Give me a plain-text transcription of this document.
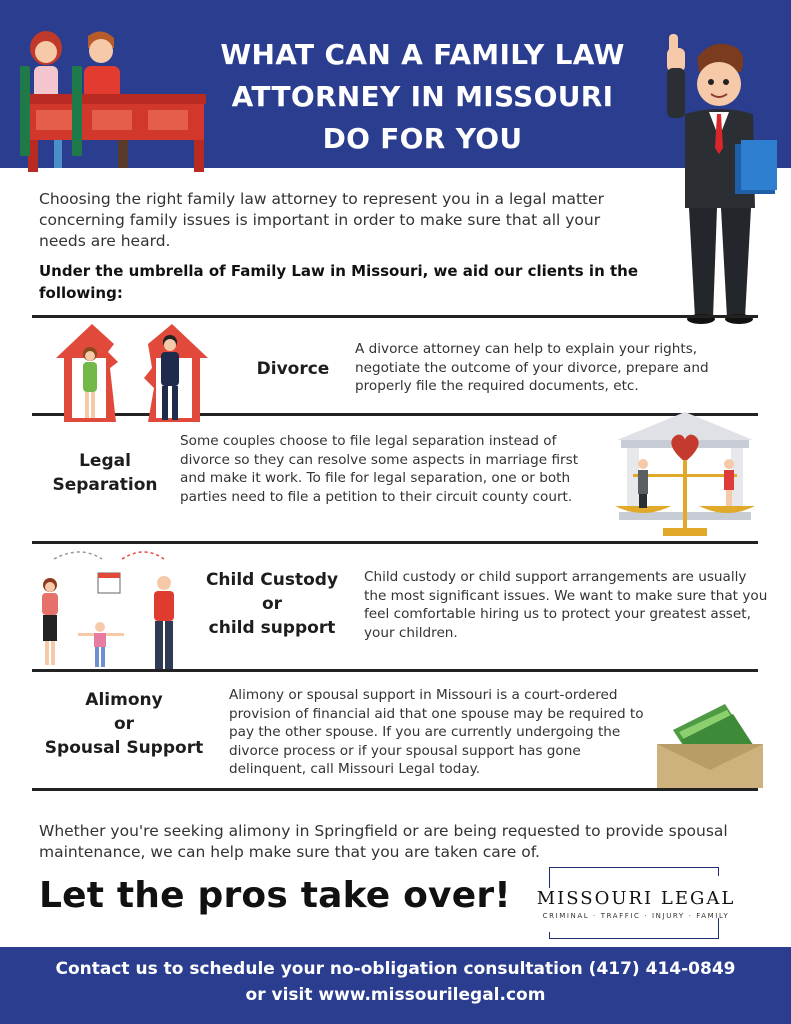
WHAT CAN A FAMILY LAW
ATTORNEY IN MISSOURI
DO FOR YOU

Choosing the right family law attorney to represent you in a legal matter concerning family issues is important in order to make sure that all your needs are heard.

Under the umbrella of Family Law in Missouri, we aid our clients in the following:

Divorce

A divorce attorney can help to explain your rights, negotiate the outcome of your divorce, prepare and properly file the required documents, etc.

Legal
Separation

Some couples choose to file legal separation instead of divorce so they can resolve some aspects in marriage first and make it work. To file for legal separation, one or both parties need to file a petition to their circuit county court.

Child Custody
or
child support

Child custody or child support arrangements are usually the most significant issues. We want to make sure that you feel comfortable hiring us to protect your greatest asset, your children.

Alimony
or
Spousal Support

Alimony or spousal support in Missouri is a court-ordered provision of financial aid that one spouse may be required to pay the other spouse. If you are currently undergoing the divorce process or if your spousal support has gone delinquent, call Missouri Legal today.

Whether you're seeking alimony in Springfield or are being requested to provide spousal maintenance, we can help make sure that you are taken care of.

Let the pros take over! MISSOURI LEGAL
CRIMINAL · TRAFFIC · INJURY · FAMILY
Contact us to schedule your no-obligation consultation (417) 414-0849
or visit www.missourilegal.com
